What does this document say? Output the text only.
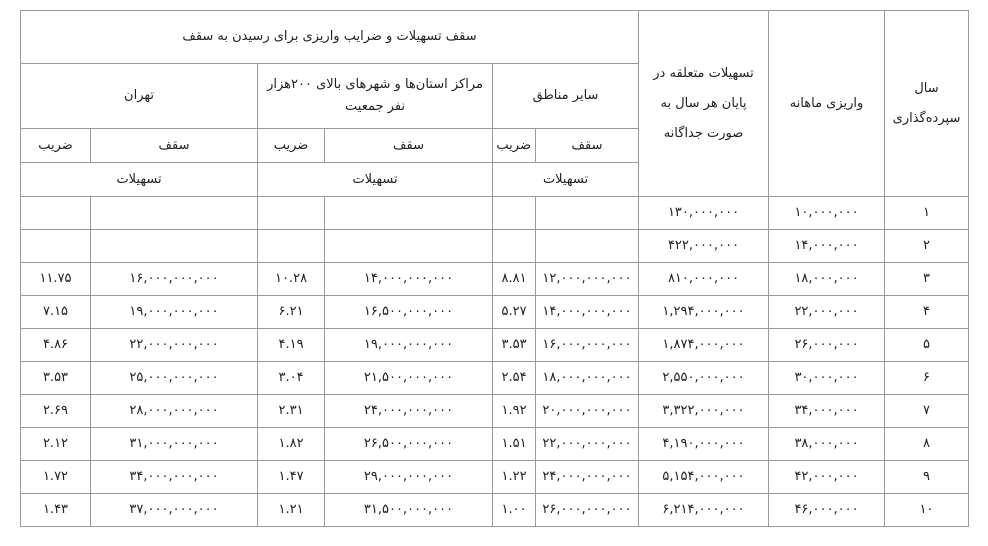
سال سپرده‌گذاری	واریزی ماهانه	تسهیلات متعلقه در پایان هر سال به صورت جداگانه	سقف تسهیلات و ضرایب واریزی برای رسیدن به سقف					
			سایر مناطق		مراکز استان‌ها و شهرهای بالای ۲۰۰هزار نفر جمعیت		تهران	
			سقف	ضریب	سقف	ضریب	سقف	ضریب
			تسهیلات		تسهیلات		تسهیلات	
۱	۱۰,۰۰۰,۰۰۰	۱۳۰,۰۰۰,۰۰۰						
۲	۱۴,۰۰۰,۰۰۰	۴۲۲,۰۰۰,۰۰۰						
۳	۱۸,۰۰۰,۰۰۰	۸۱۰,۰۰۰,۰۰۰	۱۲,۰۰۰,۰۰۰,۰۰۰	۸.۸۱	۱۴,۰۰۰,۰۰۰,۰۰۰	۱۰.۲۸	۱۶,۰۰۰,۰۰۰,۰۰۰	۱۱.۷۵
۴	۲۲,۰۰۰,۰۰۰	۱,۲۹۴,۰۰۰,۰۰۰	۱۴,۰۰۰,۰۰۰,۰۰۰	۵.۲۷	۱۶,۵۰۰,۰۰۰,۰۰۰	۶.۲۱	۱۹,۰۰۰,۰۰۰,۰۰۰	۷.۱۵
۵	۲۶,۰۰۰,۰۰۰	۱,۸۷۴,۰۰۰,۰۰۰	۱۶,۰۰۰,۰۰۰,۰۰۰	۳.۵۳	۱۹,۰۰۰,۰۰۰,۰۰۰	۴.۱۹	۲۲,۰۰۰,۰۰۰,۰۰۰	۴.۸۶
۶	۳۰,۰۰۰,۰۰۰	۲,۵۵۰,۰۰۰,۰۰۰	۱۸,۰۰۰,۰۰۰,۰۰۰	۲.۵۴	۲۱,۵۰۰,۰۰۰,۰۰۰	۳.۰۴	۲۵,۰۰۰,۰۰۰,۰۰۰	۳.۵۳
۷	۳۴,۰۰۰,۰۰۰	۳,۳۲۲,۰۰۰,۰۰۰	۲۰,۰۰۰,۰۰۰,۰۰۰	۱.۹۲	۲۴,۰۰۰,۰۰۰,۰۰۰	۲.۳۱	۲۸,۰۰۰,۰۰۰,۰۰۰	۲.۶۹
۸	۳۸,۰۰۰,۰۰۰	۴,۱۹۰,۰۰۰,۰۰۰	۲۲,۰۰۰,۰۰۰,۰۰۰	۱.۵۱	۲۶,۵۰۰,۰۰۰,۰۰۰	۱.۸۲	۳۱,۰۰۰,۰۰۰,۰۰۰	۲.۱۲
۹	۴۲,۰۰۰,۰۰۰	۵,۱۵۴,۰۰۰,۰۰۰	۲۴,۰۰۰,۰۰۰,۰۰۰	۱.۲۲	۲۹,۰۰۰,۰۰۰,۰۰۰	۱.۴۷	۳۴,۰۰۰,۰۰۰,۰۰۰	۱.۷۲
۱۰	۴۶,۰۰۰,۰۰۰	۶,۲۱۴,۰۰۰,۰۰۰	۲۶,۰۰۰,۰۰۰,۰۰۰	۱.۰۰	۳۱,۵۰۰,۰۰۰,۰۰۰	۱.۲۱	۳۷,۰۰۰,۰۰۰,۰۰۰	۱.۴۳
